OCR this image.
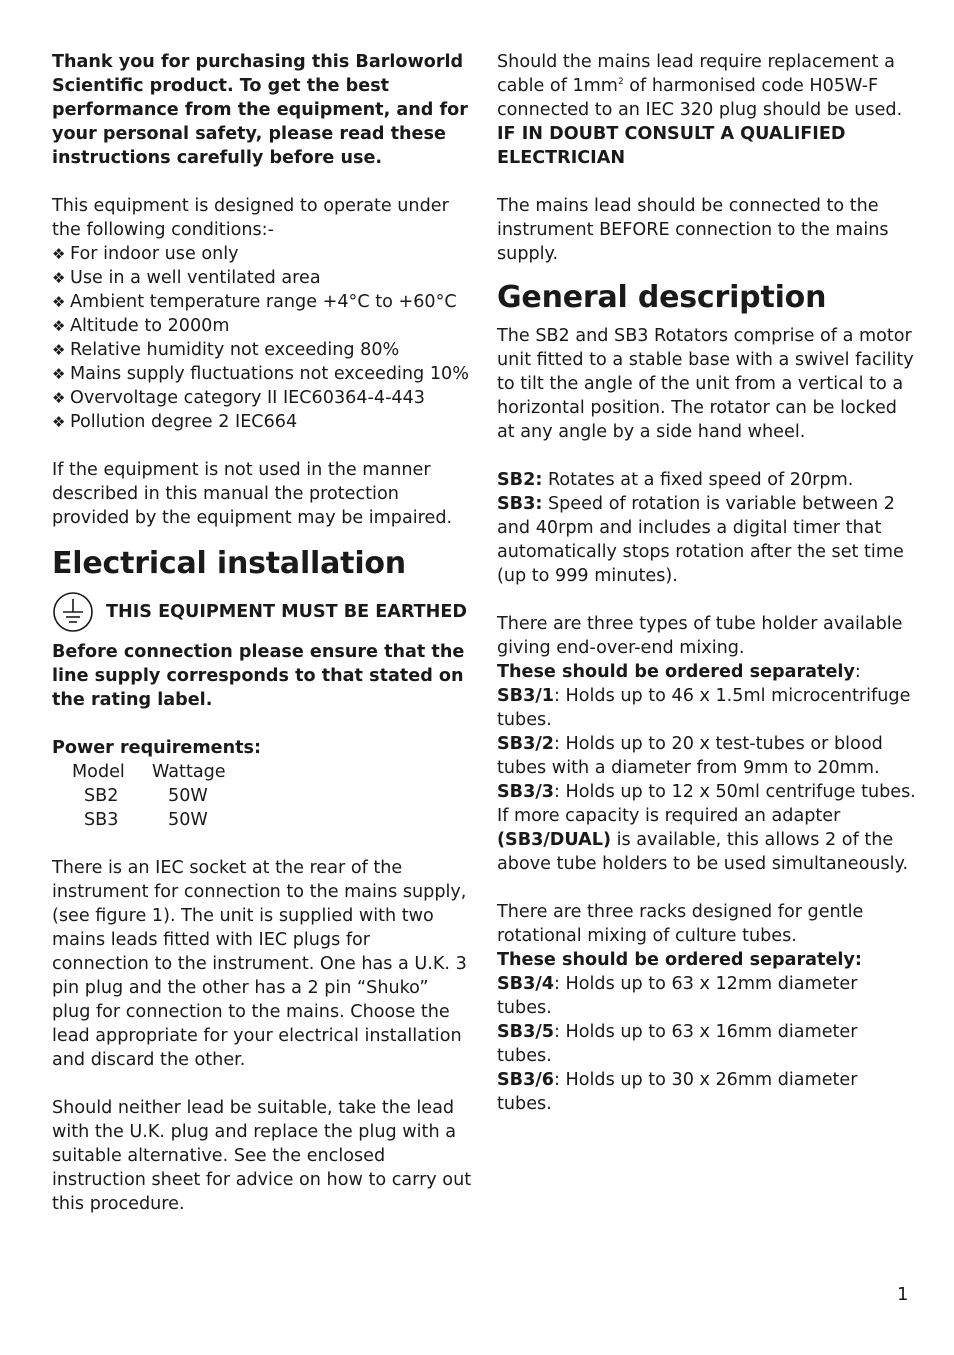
Thank you for purchasing this Barloworld Scientific product. To get the best performance from the equipment, and for your personal safety, please read these instructions carefully before use.

This equipment is designed to operate under the following conditions:-

❖ For indoor use only
❖ Use in a well ventilated area
❖ Ambient temperature range +4°C to +60°C
❖ Altitude to 2000m
❖ Relative humidity not exceeding 80%
❖ Mains supply fluctuations not exceeding 10%
❖ Overvoltage category II IEC60364-4-443
❖ Pollution degree 2 IEC664

If the equipment is not used in the manner described in this manual the protection provided by the equipment may be impaired.

Electrical installation
THIS EQUIPMENT MUST BE EARTHED

Before connection please ensure that the line supply corresponds to that stated on the rating label.

Power requirements:

Model	Wattage
SB2	50W
SB3	50W

There is an IEC socket at the rear of the instrument for connection to the mains supply, (see figure 1). The unit is supplied with two mains leads fitted with IEC plugs for connection to the instrument. One has a U.K. 3 pin plug and the other has a 2 pin “Shuko” plug for connection to the mains. Choose the lead appropriate for your electrical installation and discard the other.

Should neither lead be suitable, take the lead with the U.K. plug and replace the plug with a suitable alternative. See the enclosed instruction sheet for advice on how to carry out this procedure.

Should the mains lead require replacement a cable of $1mm^2$ of harmonised code H05W-F connected to an IEC 320 plug should be used.

IF IN DOUBT CONSULT A QUALIFIED ELECTRICIAN

The mains lead should be connected to the instrument BEFORE connection to the mains supply.

General description

The SB2 and SB3 Rotators comprise of a motor unit fitted to a stable base with a swivel facility to tilt the angle of the unit from a vertical to a horizontal position. The rotator can be locked at any angle by a side hand wheel.

SB2: Rotates at a fixed speed of 20rpm.

SB3: Speed of rotation is variable between 2 and 40rpm and includes a digital timer that automatically stops rotation after the set time (up to 999 minutes).

There are three types of tube holder available giving end-over-end mixing.

These should be ordered separately:

SB3/1: Holds up to 46 x 1.5ml microcentrifuge tubes.

SB3/2: Holds up to 20 x test-tubes or blood tubes with a diameter from 9mm to 20mm.

SB3/3: Holds up to 12 x 50ml centrifuge tubes.

If more capacity is required an adapter (SB3/DUAL) is available, this allows 2 of the above tube holders to be used simultaneously.

There are three racks designed for gentle rotational mixing of culture tubes.

These should be ordered separately:

SB3/4: Holds up to 63 x 12mm diameter tubes.

SB3/5: Holds up to 63 x 16mm diameter tubes.

SB3/6: Holds up to 30 x 26mm diameter tubes.

1
